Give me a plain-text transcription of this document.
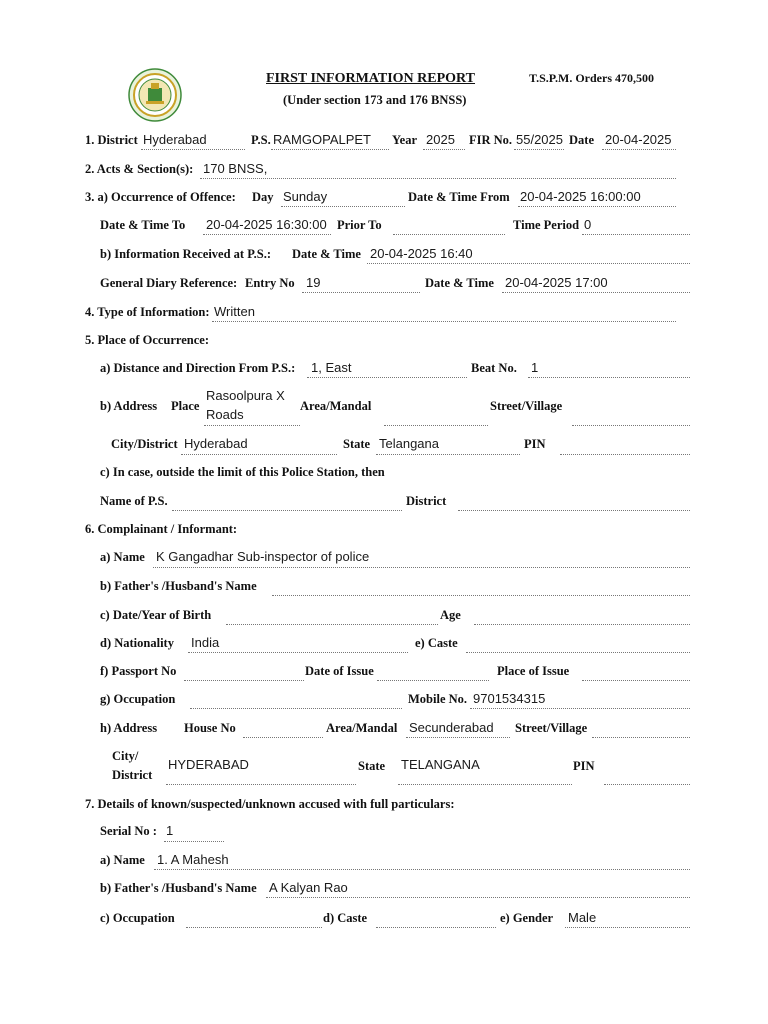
FIRST INFORMATION REPORT
(Under section 173 and 176 BNSS)
T.S.P.M. Orders 470,500
1. District Hyderabad	P.S. RAMGOPALPET Year 2025 FIR No. 55/2025 Date 20-04-2025
2. Acts & Section(s): 170 BNSS,
3. a) Occurrence of Offence: Day Sunday	Date & Time From 20-04-2025 16:00:00
Date & Time To 20-04-2025 16:30:00 Prior To	Time Period 0
b) Information Received at P.S.: Date & Time 20-04-2025 16:40
General Diary Reference: Entry No 19	Date & Time 20-04-2025 17:00
4. Type of Information: Written
5. Place of Occurrence:
a) Distance and Direction From P.S.: 1, East	Beat No. 1
b) Address Place
Rasoolpura X
Roads
Area/Mandal	Street/Village
City/District Hyderabad	State Telangana	PIN
c) In case, outside the limit of this Police Station, then
Name of P.S.	District
6. Complainant / Informant:
a) Name K Gangadhar Sub-inspector of police
b) Father's /Husband's Name
c) Date/Year of Birth	Age
d) Nationality India	e) Caste
f) Passport No	Date of Issue	Place of Issue
g) Occupation	Mobile No. 9701534315
h) Address House No	Area/Mandal Secunderabad Street/Village
City/
District
HYDERABAD	State TELANGANA	PIN
7. Details of known/suspected/unknown accused with full particulars:
Serial No : 1
a) Name 1. A Mahesh
b) Father's /Husband's Name A Kalyan Rao
c) Occupation	d) Caste	e) Gender Male
